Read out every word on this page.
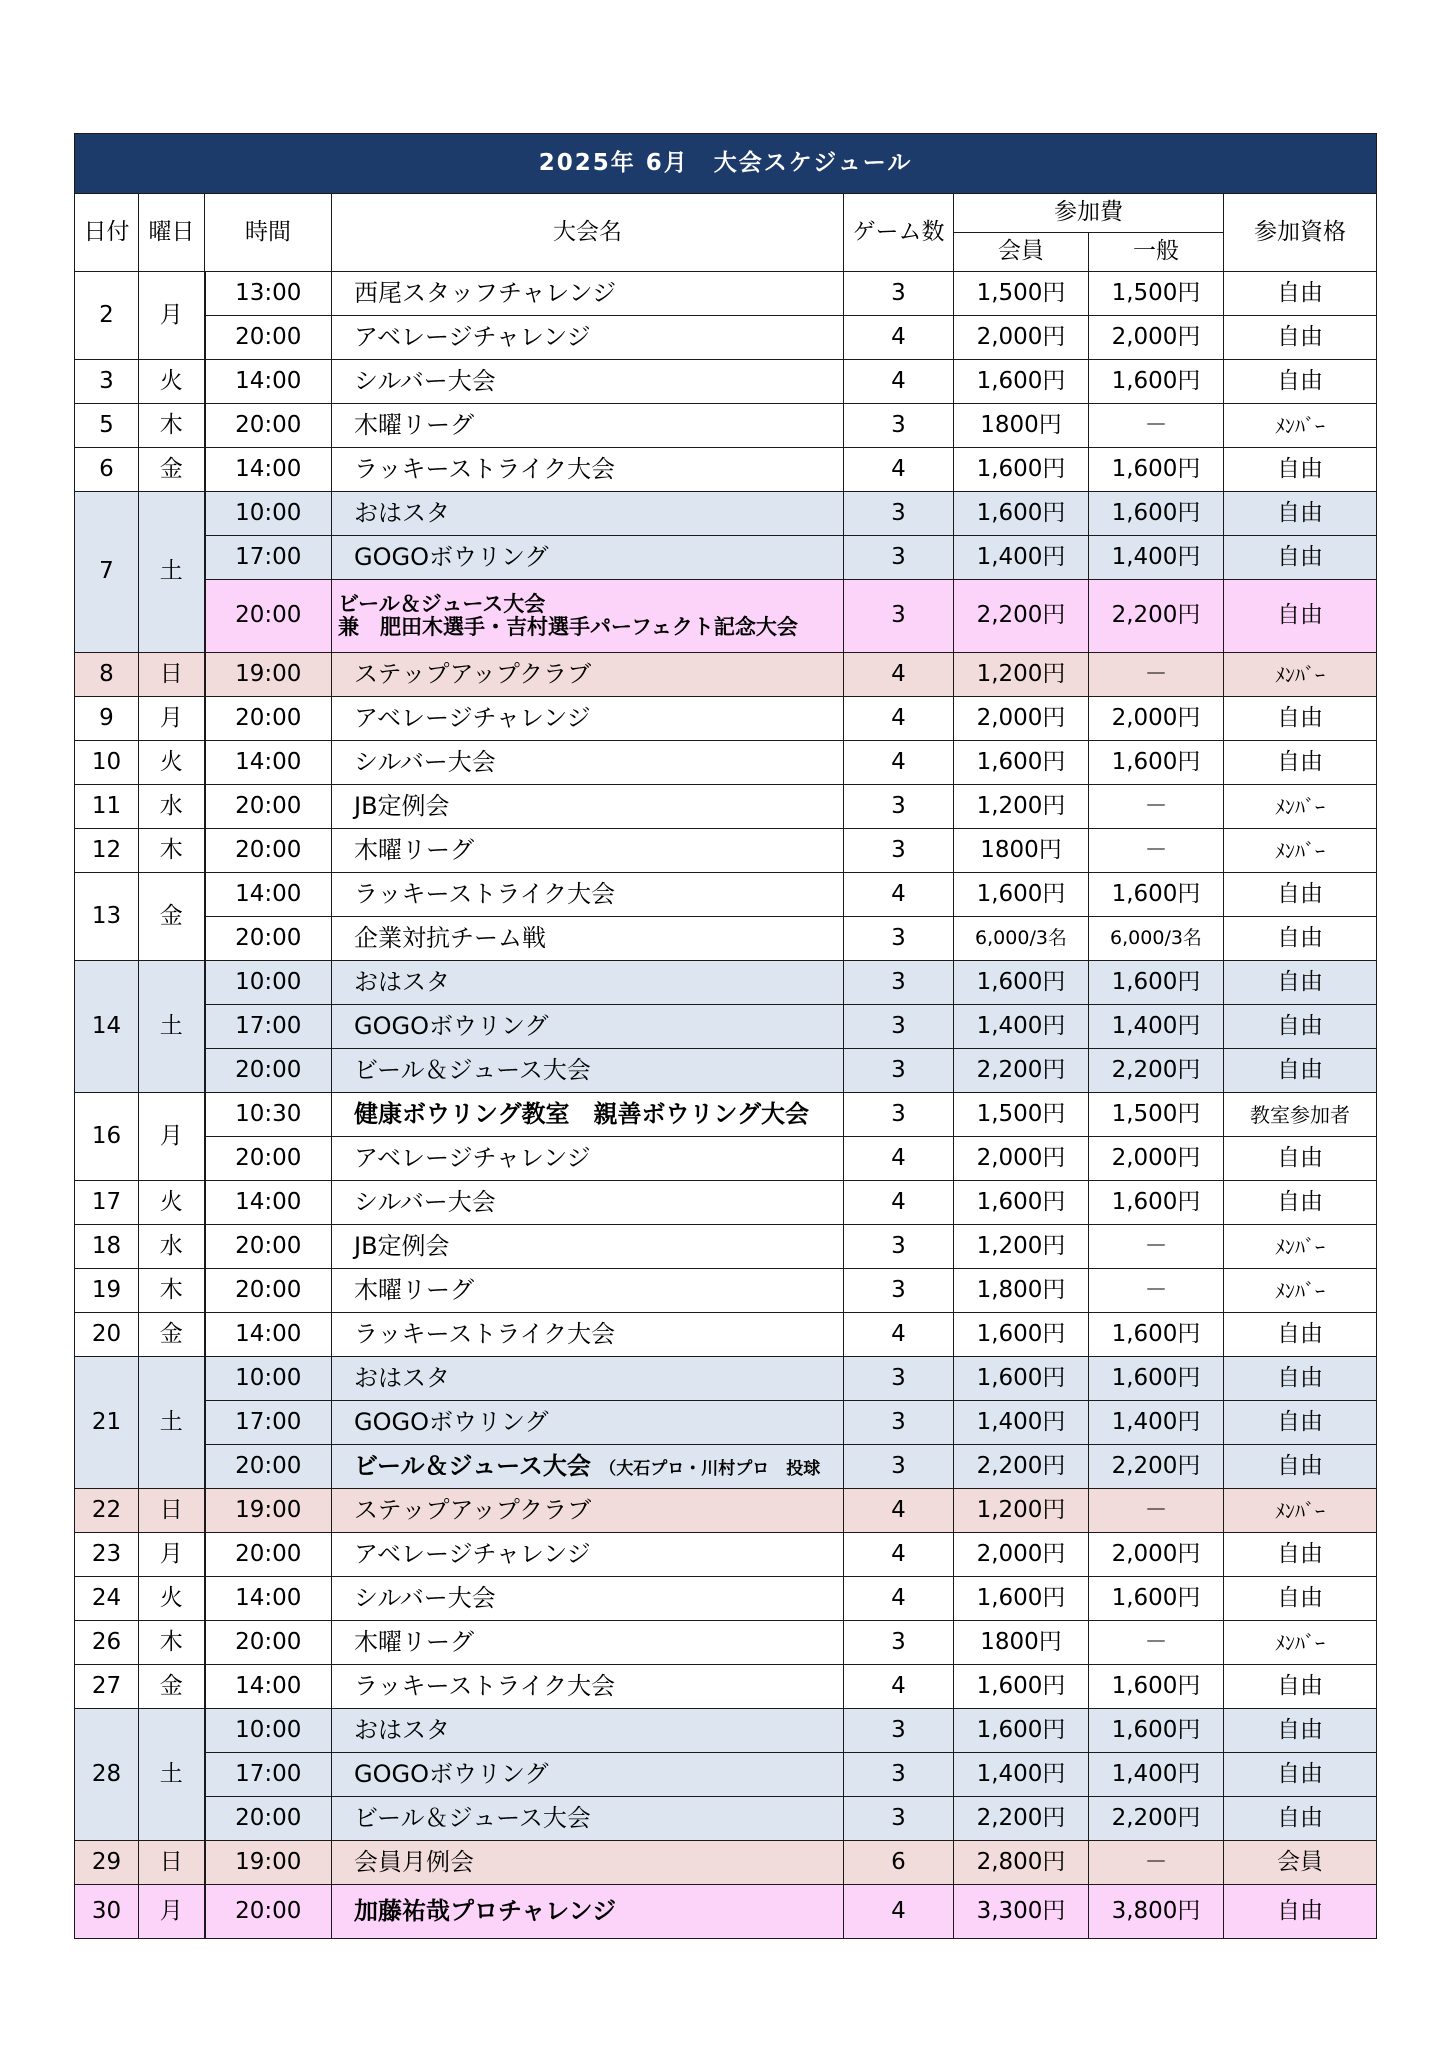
2025年 6月　大会スケジュール							
日付	曜日	時間	大会名	ゲーム数	参加費		参加資格
					会員	一般	
2	月	13:00	西尾スタッフチャレンジ	3	1,500円	1,500円	自由
		20:00	アベレージチャレンジ	4	2,000円	2,000円	自由
3	火	14:00	シルバー大会	4	1,600円	1,600円	自由
5	木	20:00	木曜リーグ	3	1800円	－	ﾒﾝﾊﾞｰ
6	金	14:00	ラッキーストライク大会	4	1,600円	1,600円	自由
7	土	10:00	おはスタ	3	1,600円	1,600円	自由
		17:00	GOGOボウリング	3	1,400円	1,400円	自由
		20:00	ビール＆ジュース大会
兼　肥田木選手・吉村選手パーフェクト記念大会	3	2,200円	2,200円	自由
8	日	19:00	ステップアップクラブ	4	1,200円	－	ﾒﾝﾊﾞｰ
9	月	20:00	アベレージチャレンジ	4	2,000円	2,000円	自由
10	火	14:00	シルバー大会	4	1,600円	1,600円	自由
11	水	20:00	JB定例会	3	1,200円	－	ﾒﾝﾊﾞｰ
12	木	20:00	木曜リーグ	3	1800円	－	ﾒﾝﾊﾞｰ
13	金	14:00	ラッキーストライク大会	4	1,600円	1,600円	自由
		20:00	企業対抗チーム戦	3	6,000/3名	6,000/3名	自由
14	土	10:00	おはスタ	3	1,600円	1,600円	自由
		17:00	GOGOボウリング	3	1,400円	1,400円	自由
		20:00	ビール＆ジュース大会	3	2,200円	2,200円	自由
16	月	10:30	健康ボウリング教室　親善ボウリング大会	3	1,500円	1,500円	教室参加者
		20:00	アベレージチャレンジ	4	2,000円	2,000円	自由
17	火	14:00	シルバー大会	4	1,600円	1,600円	自由
18	水	20:00	JB定例会	3	1,200円	－	ﾒﾝﾊﾞｰ
19	木	20:00	木曜リーグ	3	1,800円	－	ﾒﾝﾊﾞｰ
20	金	14:00	ラッキーストライク大会	4	1,600円	1,600円	自由
21	土	10:00	おはスタ	3	1,600円	1,600円	自由
		17:00	GOGOボウリング	3	1,400円	1,400円	自由
		20:00	ビール＆ジュース大会 （大石プロ・川村プロ　投球	3	2,200円	2,200円	自由
22	日	19:00	ステップアップクラブ	4	1,200円	－	ﾒﾝﾊﾞｰ
23	月	20:00	アベレージチャレンジ	4	2,000円	2,000円	自由
24	火	14:00	シルバー大会	4	1,600円	1,600円	自由
26	木	20:00	木曜リーグ	3	1800円	－	ﾒﾝﾊﾞｰ
27	金	14:00	ラッキーストライク大会	4	1,600円	1,600円	自由
28	土	10:00	おはスタ	3	1,600円	1,600円	自由
		17:00	GOGOボウリング	3	1,400円	1,400円	自由
		20:00	ビール＆ジュース大会	3	2,200円	2,200円	自由
29	日	19:00	会員月例会	6	2,800円	－	会員
30	月	20:00	加藤祐哉プロチャレンジ	4	3,300円	3,800円	自由
